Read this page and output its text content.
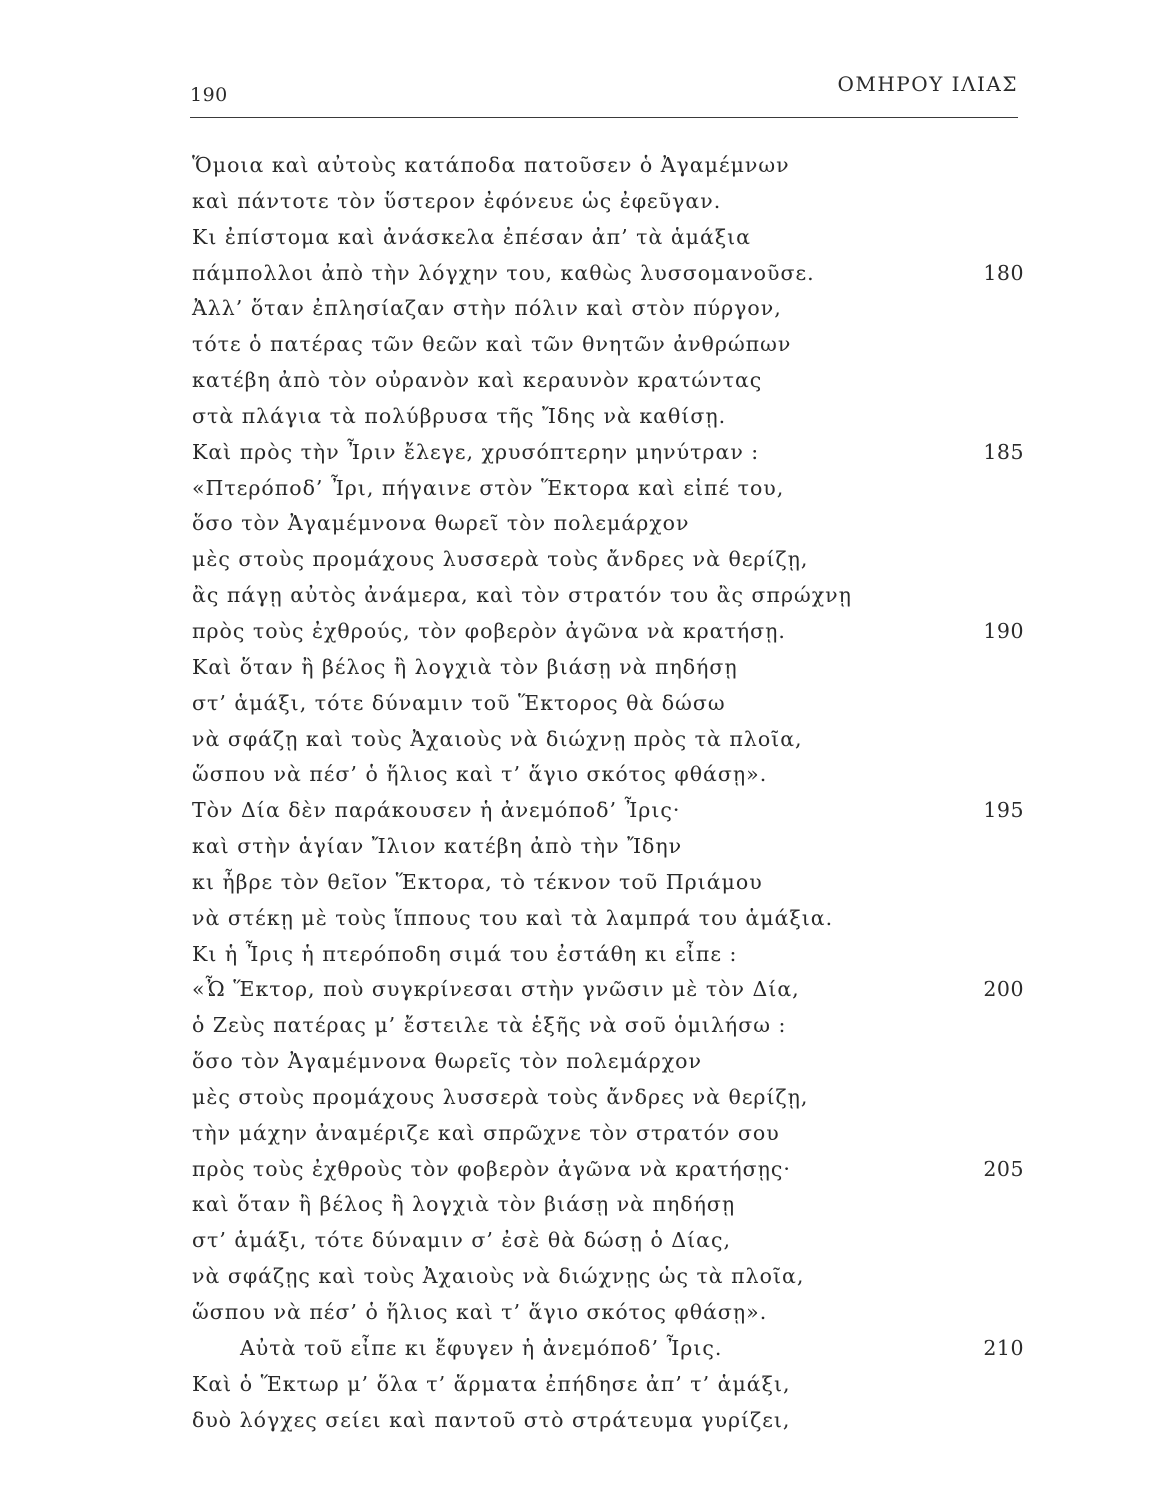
190	ΟΜΗΡΟΥ ΙΛΙΑΣ
Ὅμοια καὶ αὐτοὺς κατάποδα πατοῦσεν ὁ Ἀγαμέμνων
καὶ πάντοτε τὸν ὕστερον ἐφόνευε ὡς ἐφεῦγαν.
Κι ἐπίστομα καὶ ἀνάσκελα ἐπέσαν ἀπ’ τὰ ἁμάξια
πάμπολλοι ἀπὸ τὴν λόγχην του, καθὼς λυσσομανοῦσε.	180
Ἀλλ’ ὅταν ἐπλησίαζαν στὴν πόλιν καὶ στὸν πύργον,
τότε ὁ πατέρας τῶν θεῶν καὶ τῶν θνητῶν ἀνθρώπων
κατέβη ἀπὸ τὸν οὐρανὸν καὶ κεραυνὸν κρατώντας
στὰ πλάγια τὰ πολύβρυσα τῆς Ἴδης νὰ καθίσῃ.
Καὶ πρὸς τὴν Ἶριν ἔλεγε, χρυσόπτερην μηνύτραν :	185
«Πτερόποδ’ Ἶρι, πήγαινε στὸν Ἕκτορα καὶ εἰπέ του,
ὅσο τὸν Ἀγαμέμνονα θωρεῖ τὸν πολεμάρχον
μὲς στοὺς προμάχους λυσσερὰ τοὺς ἄνδρες νὰ θερίζῃ,
ἂς πάγῃ αὐτὸς ἀνάμερα, καὶ τὸν στρατόν του ἂς σπρώχνῃ
πρὸς τοὺς ἐχθρούς, τὸν φοβερὸν ἀγῶνα νὰ κρατήσῃ.	190
Καὶ ὅταν ἢ βέλος ἢ λογχιὰ τὸν βιάσῃ νὰ πηδήσῃ
στ’ ἁμάξι, τότε δύναμιν τοῦ Ἕκτορος θὰ δώσω
νὰ σφάζῃ καὶ τοὺς Ἀχαιοὺς νὰ διώχνῃ πρὸς τὰ πλοῖα,
ὥσπου νὰ πέσ’ ὁ ἥλιος καὶ τ’ ἅγιο σκότος φθάσῃ».
Τὸν Δία δὲν παράκουσεν ἡ ἀνεμόποδ’ Ἶρις·	195
καὶ στὴν ἁγίαν Ἴλιον κατέβη ἀπὸ τὴν Ἴδην
κι ἦβρε τὸν θεῖον Ἕκτορα, τὸ τέκνον τοῦ Πριάμου
νὰ στέκῃ μὲ τοὺς ἵππους του καὶ τὰ λαμπρά του ἁμάξια.
Κι ἡ Ἶρις ἡ πτερόποδη σιμά του ἐστάθη κι εἶπε :
«Ὦ Ἕκτορ, ποὺ συγκρίνεσαι στὴν γνῶσιν μὲ τὸν Δία,	200
ὁ Ζεὺς πατέρας μ’ ἔστειλε τὰ ἑξῆς νὰ σοῦ ὁμιλήσω :
ὅσο τὸν Ἀγαμέμνονα θωρεῖς τὸν πολεμάρχον
μὲς στοὺς προμάχους λυσσερὰ τοὺς ἄνδρες νὰ θερίζῃ,
τὴν μάχην ἀναμέριζε καὶ σπρῶχνε τὸν στρατόν σου
πρὸς τοὺς ἐχθροὺς τὸν φοβερὸν ἀγῶνα νὰ κρατήσῃς·	205
καὶ ὅταν ἢ βέλος ἢ λογχιὰ τὸν βιάσῃ νὰ πηδήσῃ
στ’ ἁμάξι, τότε δύναμιν σ’ ἐσὲ θὰ δώσῃ ὁ Δίας,
νὰ σφάζῃς καὶ τοὺς Ἀχαιοὺς νὰ διώχνῃς ὡς τὰ πλοῖα,
ὥσπου νὰ πέσ’ ὁ ἥλιος καὶ τ’ ἅγιο σκότος φθάσῃ».
Αὐτὰ τοῦ εἶπε κι ἔφυγεν ἡ ἀνεμόποδ’ Ἶρις.	210
Καὶ ὁ Ἕκτωρ μ’ ὅλα τ’ ἅρματα ἐπήδησε ἀπ’ τ’ ἁμάξι,
δυὸ λόγχες σείει καὶ παντοῦ στὸ στράτευμα γυρίζει,
